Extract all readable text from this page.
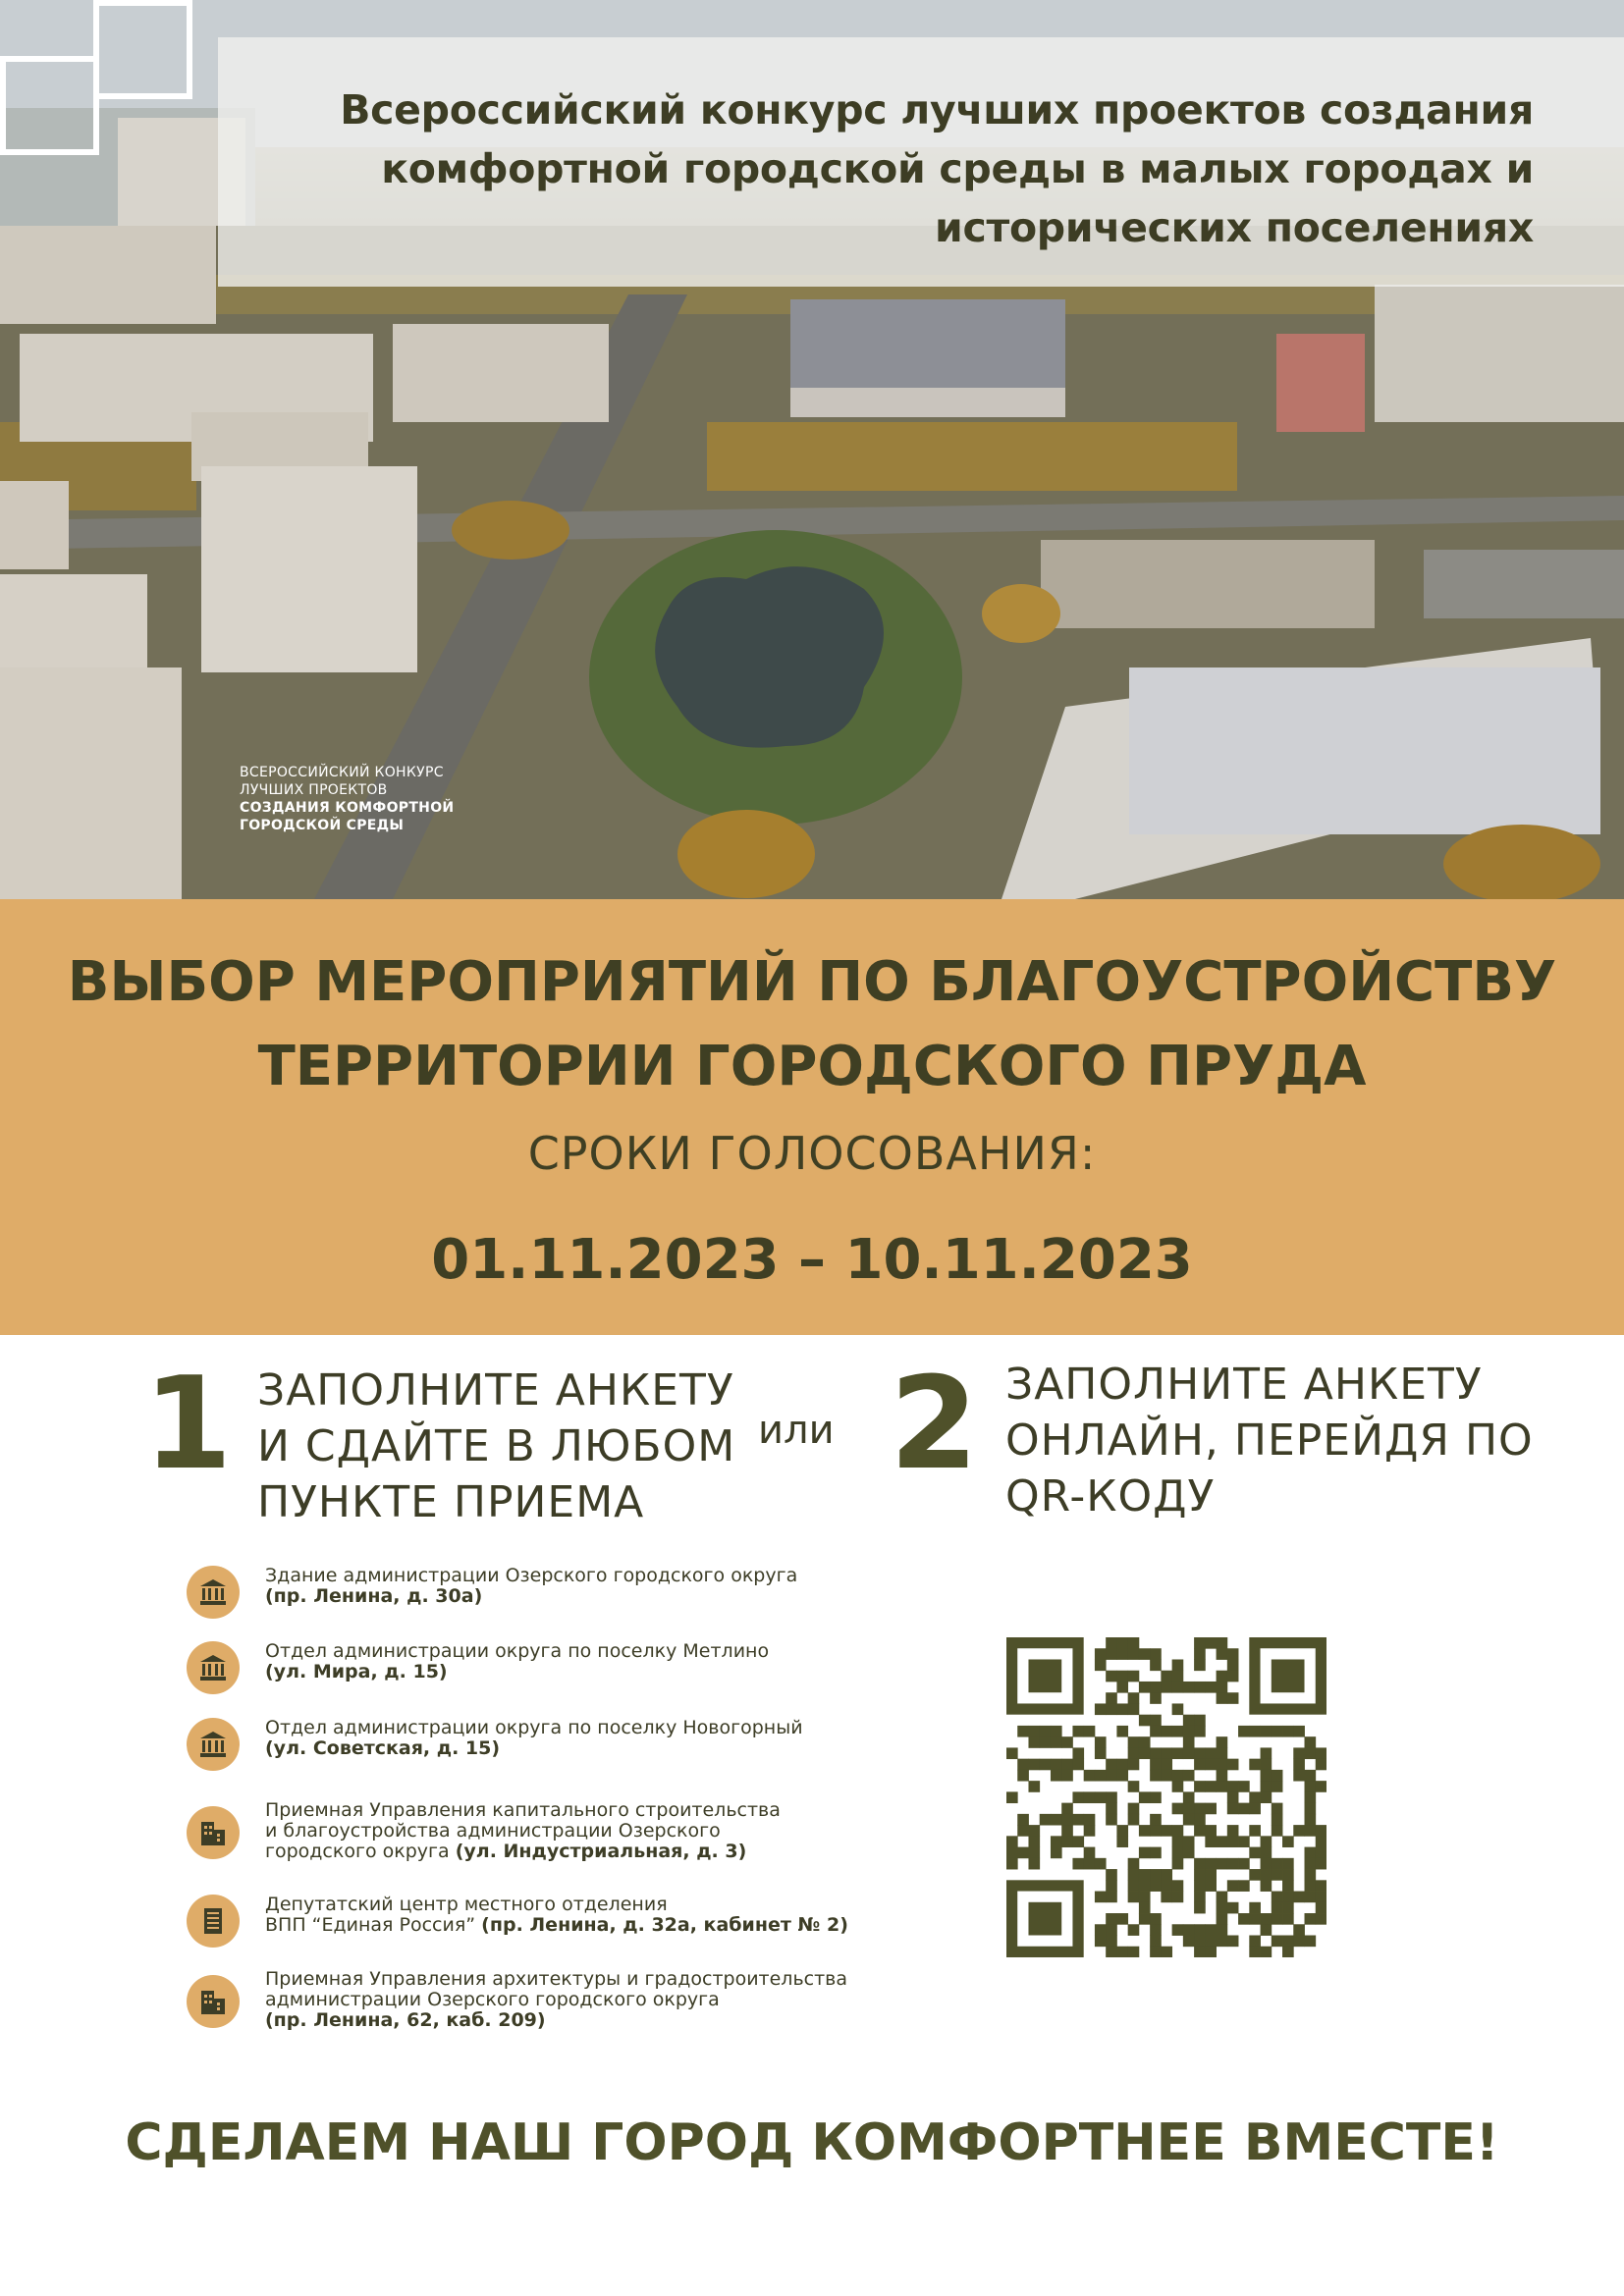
Всероссийский конкурс лучших проектов создания
комфортной городской среды в малых городах и
исторических поселениях
ВСЕРОССИЙСКИЙ КОНКУРС
ЛУЧШИХ ПРОЕКТОВ
СОЗДАНИЯ КОМФОРТНОЙ
ГОРОДСКОЙ СРЕДЫ
ВЫБОР МЕРОПРИЯТИЙ ПО БЛАГОУСТРОЙСТВУ
ТЕРРИТОРИИ ГОРОДСКОГО ПРУДА
СРОКИ ГОЛОСОВАНИЯ:
01.11.2023 – 10.11.2023
1 ЗАПОЛНИТЕ АНКЕТУ
И СДАЙТЕ В ЛЮБОМ
ПУНКТЕ ПРИЕМА
или 2 ЗАПОЛНИТЕ АНКЕТУ
ОНЛАЙН, ПЕРЕЙДЯ ПО
QR-КОДУ
Здание администрации Озерского городского округа
(пр. Ленина, д. 30а)
Отдел администрации округа по поселку Метлино
(ул. Мира, д. 15)
Отдел администрации округа по поселку Новогорный
(ул. Советская, д. 15)
Приемная Управления капитального строительства
и благоустройства администрации Озерского
городского округа (ул. Индустриальная, д. 3)
Депутатский центр местного отделения
ВПП “Единая Россия” (пр. Ленина, д. 32а, кабинет № 2)
Приемная Управления архитектуры и градостроительства
администрации Озерского городского округа
(пр. Ленина, 62, каб. 209)
СДЕЛАЕМ НАШ ГОРОД КОМФОРТНЕЕ ВМЕСТЕ!
